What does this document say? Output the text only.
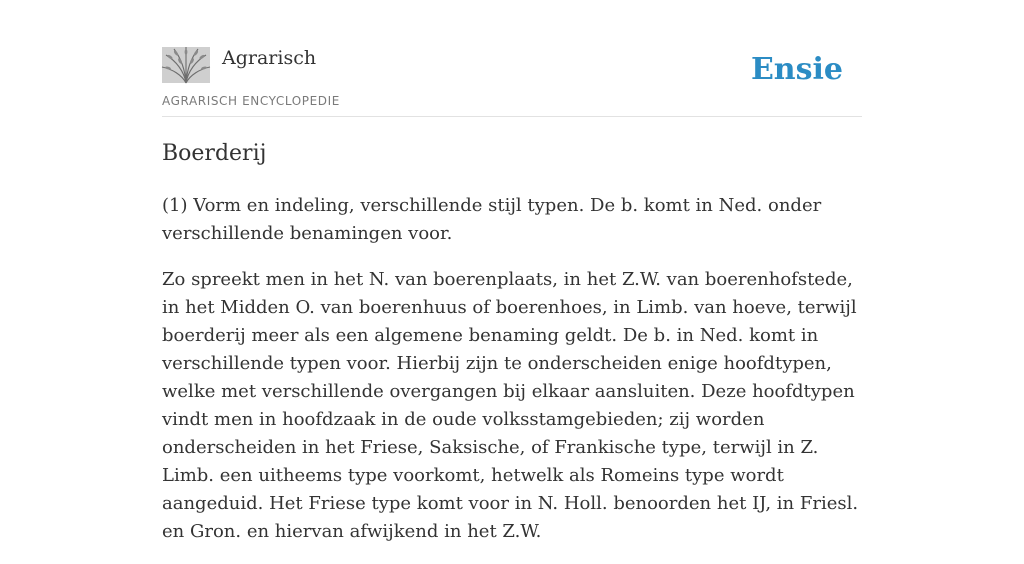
Agrarisch
AGRARISCH ENCYCLOPEDIE
Ensie
Boerderij

(1) Vorm en indeling, verschillende stijl typen. De b. komt in Ned. onder verschillende benamingen voor.

Zo spreekt men in het N. van boerenplaats, in het Z.W. van boerenhofstede, in het Midden O. van boerenhuus of boerenhoes, in Limb. van hoeve, terwijl boerderij meer als een algemene benaming geldt. De b. in Ned. komt in verschillende typen voor. Hierbij zijn te onderscheiden enige hoofdtypen, welke met verschillende overgangen bij elkaar aansluiten. Deze hoofdtypen vindt men in hoofdzaak in de oude volksstamgebieden; zij worden onderscheiden in het Friese, Saksische, of Frankische type, terwijl in Z. Limb. een uitheems type voorkomt, hetwelk als Romeins type wordt aangeduid. Het Friese type komt voor in N. Holl. benoorden het IJ, in Friesl. en Gron. en hiervan afwijkend in het Z.W.
